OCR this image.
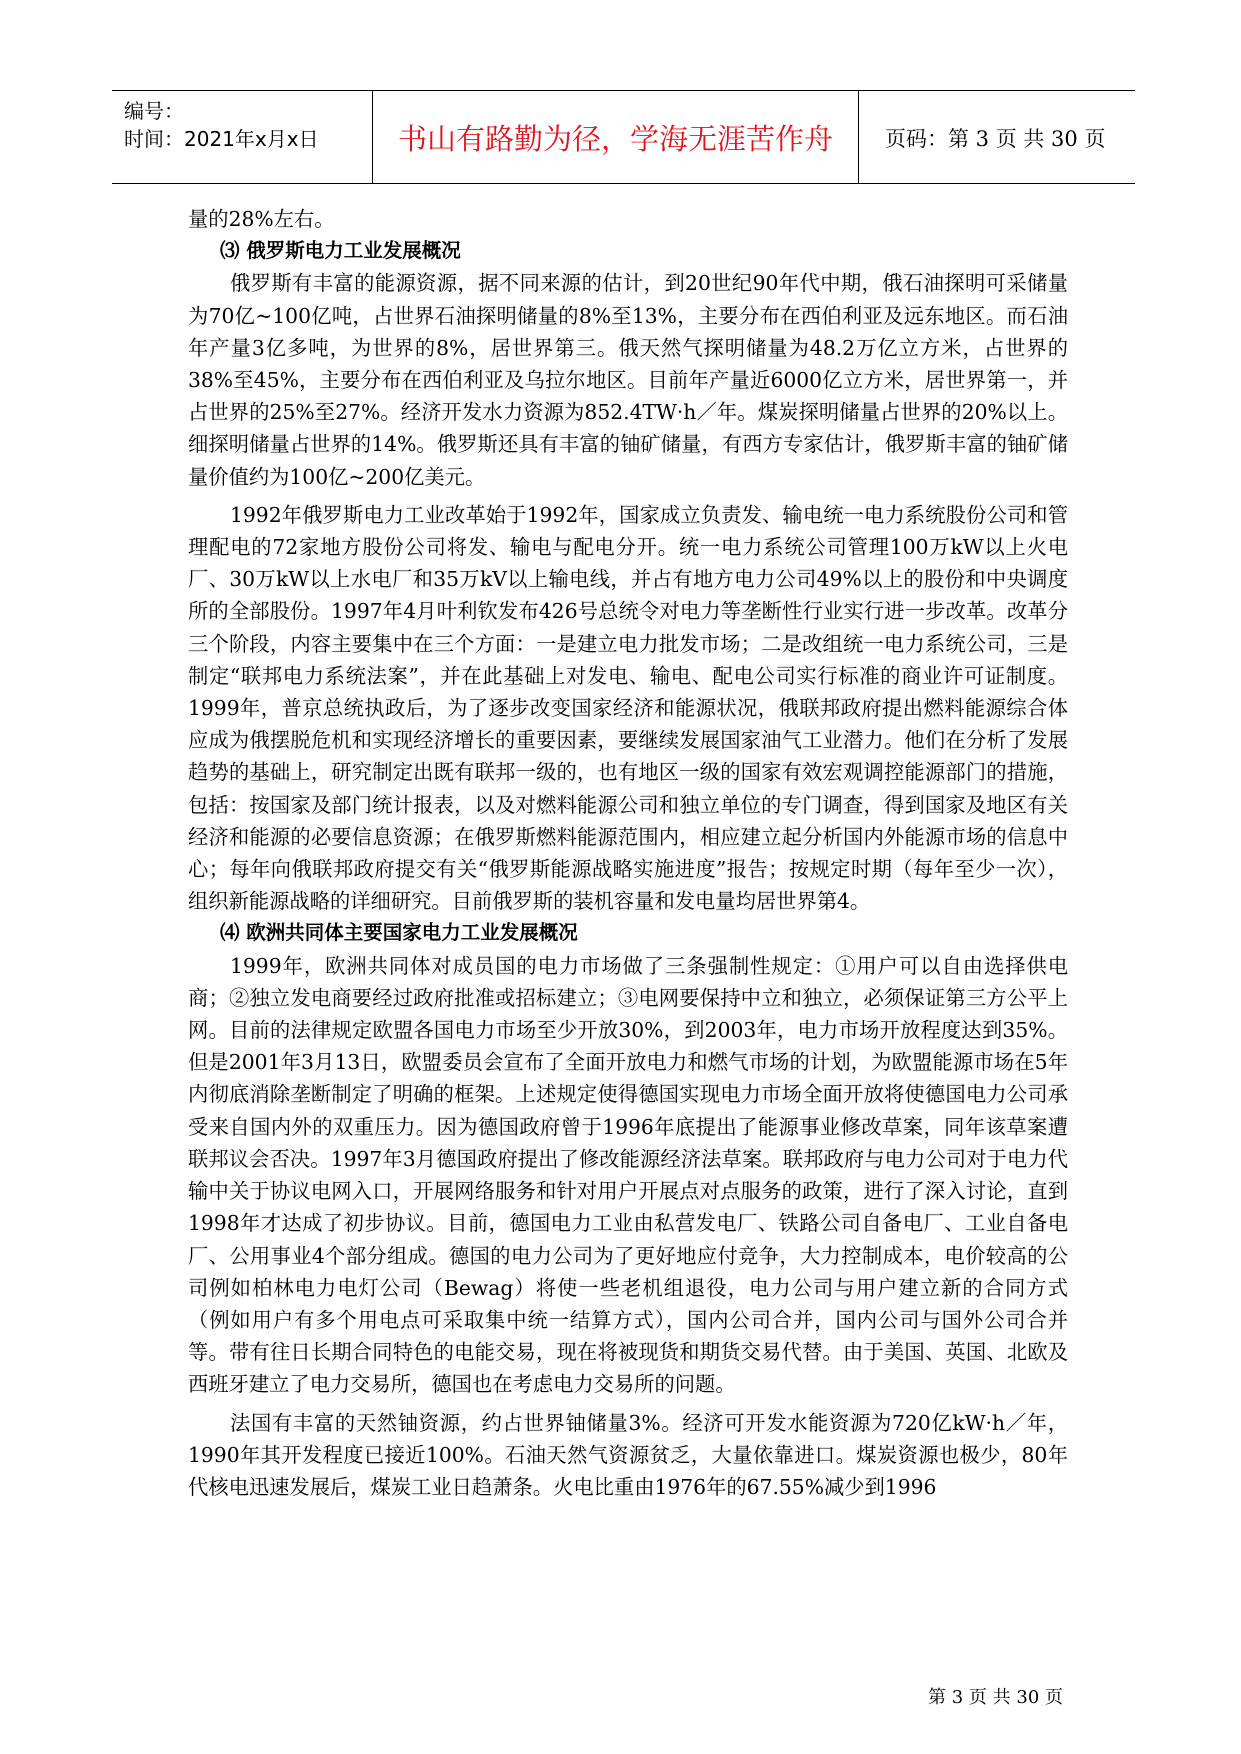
编号：
时间：2021年x月x日	书山有路勤为径，学海无涯苦作舟	页码：第 3 页 共 30 页

量的28%左右。

⑶ 俄罗斯电力工业发展概况

俄罗斯有丰富的能源资源，据不同来源的估计，到20世纪90年代中期，俄石油探明可采储量为70亿~100亿吨，占世界石油探明储量的8%至13%，主要分布在西伯利亚及远东地区。而石油年产量3亿多吨，为世界的8%，居世界第三。俄天然气探明储量为48.2万亿立方米，占世界的38%至45%，主要分布在西伯利亚及乌拉尔地区。目前年产量近6000亿立方米，居世界第一，并占世界的25%至27%。经济开发水力资源为852.4TW·h／年。煤炭探明储量占世界的20%以上。细探明储量占世界的14%。俄罗斯还具有丰富的铀矿储量，有西方专家估计，俄罗斯丰富的铀矿储量价值约为100亿~200亿美元。

1992年俄罗斯电力工业改革始于1992年，国家成立负责发、输电统一电力系统股份公司和管理配电的72家地方股份公司将发、输电与配电分开。统一电力系统公司管理100万kW以上火电厂、30万kW以上水电厂和35万kV以上输电线，并占有地方电力公司49%以上的股份和中央调度所的全部股份。1997年4月叶利钦发布426号总统令对电力等垄断性行业实行进一步改革。改革分三个阶段，内容主要集中在三个方面：一是建立电力批发市场；二是改组统一电力系统公司，三是制定“联邦电力系统法案”，并在此基础上对发电、输电、配电公司实行标准的商业许可证制度。1999年，普京总统执政后，为了逐步改变国家经济和能源状况，俄联邦政府提出燃料能源综合体应成为俄摆脱危机和实现经济增长的重要因素，要继续发展国家油气工业潜力。他们在分析了发展趋势的基础上，研究制定出既有联邦一级的，也有地区一级的国家有效宏观调控能源部门的措施，包括：按国家及部门统计报表，以及对燃料能源公司和独立单位的专门调查，得到国家及地区有关经济和能源的必要信息资源；在俄罗斯燃料能源范围内，相应建立起分析国内外能源市场的信息中心；每年向俄联邦政府提交有关“俄罗斯能源战略实施进度”报告；按规定时期（每年至少一次），组织新能源战略的详细研究。目前俄罗斯的装机容量和发电量均居世界第4。

⑷ 欧洲共同体主要国家电力工业发展概况

1999年，欧洲共同体对成员国的电力市场做了三条强制性规定：①用户可以自由选择供电商；②独立发电商要经过政府批准或招标建立；③电网要保持中立和独立，必须保证第三方公平上网。目前的法律规定欧盟各国电力市场至少开放30%，到2003年，电力市场开放程度达到35%。但是2001年3月13日，欧盟委员会宣布了全面开放电力和燃气市场的计划，为欧盟能源市场在5年内彻底消除垄断制定了明确的框架。上述规定使得德国实现电力市场全面开放将使德国电力公司承受来自国内外的双重压力。因为德国政府曾于1996年底提出了能源事业修改草案，同年该草案遭联邦议会否决。1997年3月德国政府提出了修改能源经济法草案。联邦政府与电力公司对于电力代输中关于协议电网入口，开展网络服务和针对用户开展点对点服务的政策，进行了深入讨论，直到1998年才达成了初步协议。目前，德国电力工业由私营发电厂、铁路公司自备电厂、工业自备电厂、公用事业4个部分组成。德国的电力公司为了更好地应付竞争，大力控制成本，电价较高的公司例如柏林电力电灯公司（Bewag）将使一些老机组退役，电力公司与用户建立新的合同方式（例如用户有多个用电点可采取集中统一结算方式），国内公司合并，国内公司与国外公司合并等。带有往日长期合同特色的电能交易，现在将被现货和期货交易代替。由于美国、英国、北欧及西班牙建立了电力交易所，德国也在考虑电力交易所的问题。

法国有丰富的天然铀资源，约占世界铀储量3%。经济可开发水能资源为720亿kW·h／年，1990年其开发程度已接近100%。石油天然气资源贫乏，大量依靠进口。煤炭资源也极少，80年代核电迅速发展后，煤炭工业日趋萧条。火电比重由1976年的67.55%减少到1996

第 3 页 共 30 页
